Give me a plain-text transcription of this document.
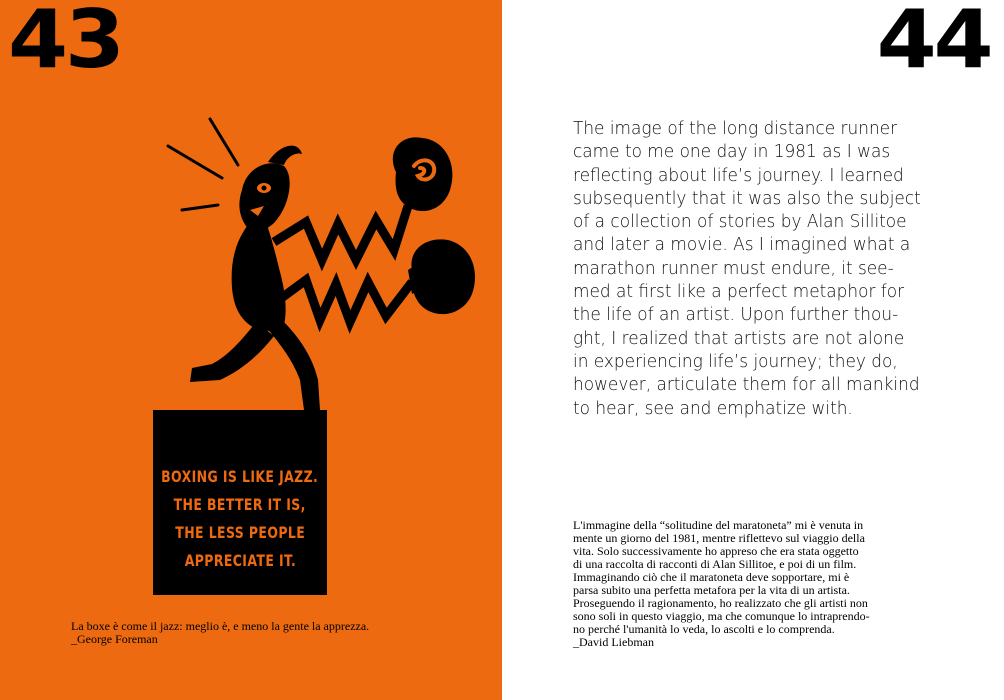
43
BOXING IS LIKE JAZZ.
THE BETTER IT IS,
THE LESS PEOPLE
APPRECIATE IT.
La boxe è come il jazz: meglio è, e meno la gente la apprezza.
_George Foreman
44
The image of the long distance runner
came to me one day in 1981 as I was
reflecting about life’s journey. I learned
subsequently that it was also the subject
of a collection of stories by Alan Sillitoe
and later a movie. As I imagined what a
marathon runner must endure, it see-
med at first like a perfect metaphor for
the life of an artist. Upon further thou-
ght, I realized that artists are not alone
in experiencing life’s journey; they do,
however, articulate them for all mankind
to hear, see and emphatize with.
L'immagine della “solitudine del maratoneta” mi è venuta in
mente un giorno del 1981, mentre riflettevo sul viaggio della
vita. Solo successivamente ho appreso che era stata oggetto
di una raccolta di racconti di Alan Sillitoe, e poi di un film.
Immaginando ciò che il maratoneta deve sopportare, mi è
parsa subito una perfetta metafora per la vita di un artista.
Proseguendo il ragionamento, ho realizzato che gli artisti non
sono soli in questo viaggio, ma che comunque lo intraprendo-
no perché l'umanità lo veda, lo ascolti e lo comprenda.
_David Liebman
